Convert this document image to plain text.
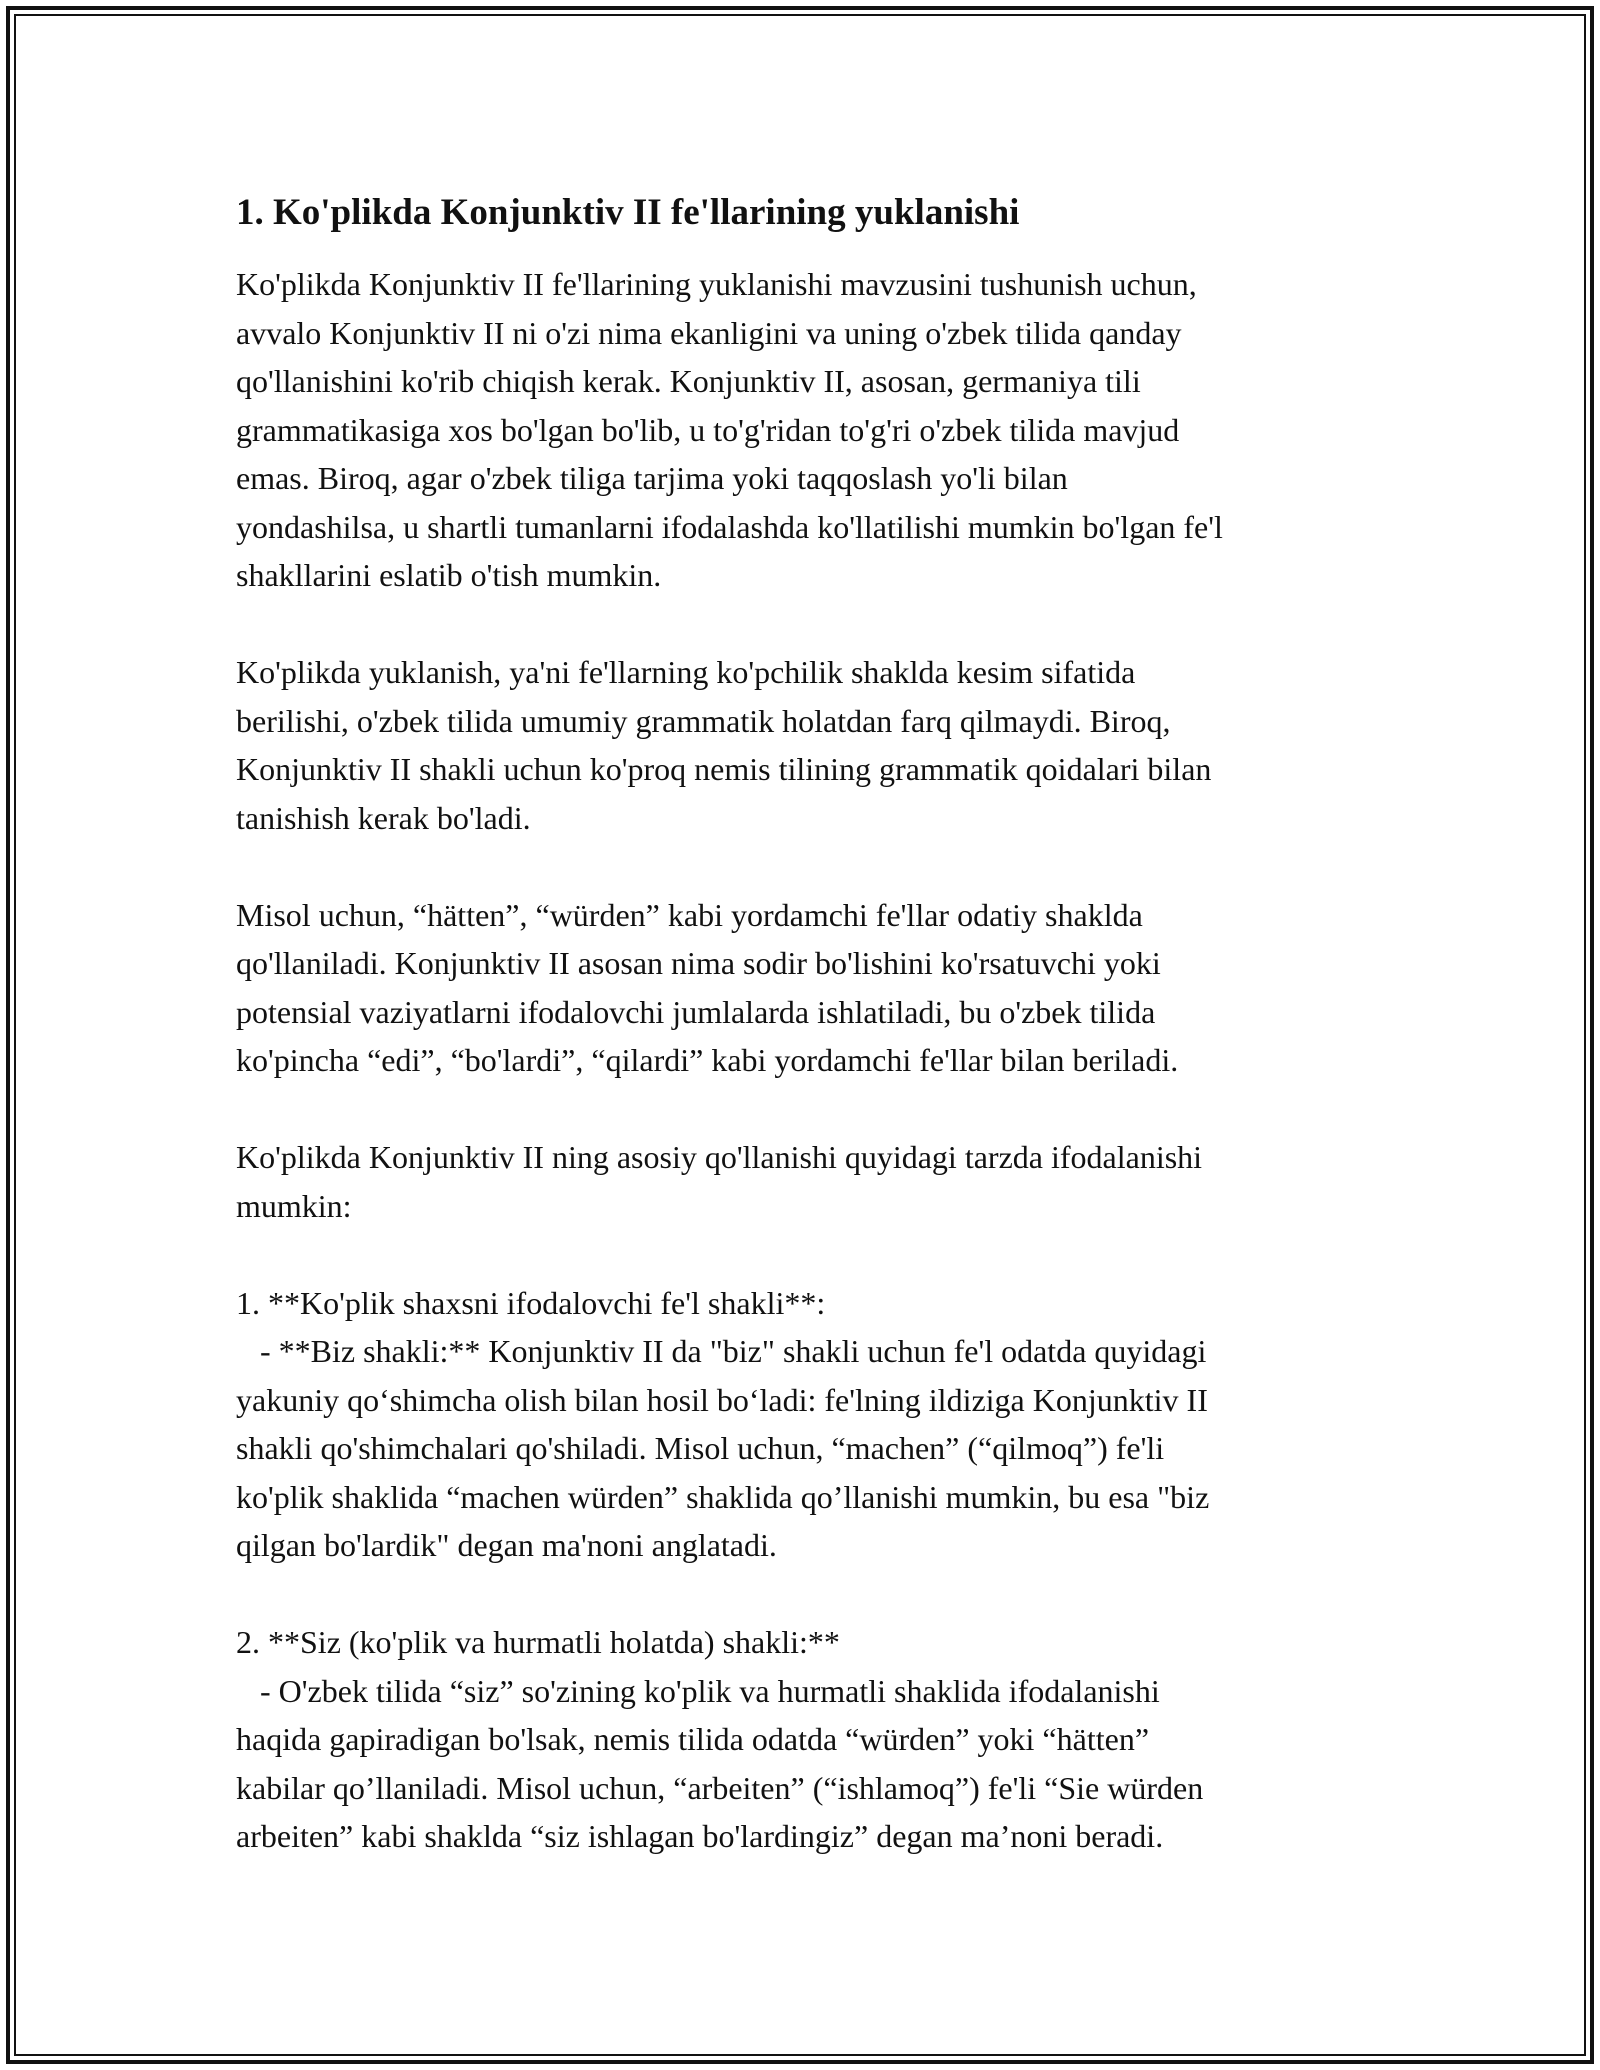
1. Ko'plikda Konjunktiv II fe'llarining yuklanishi

Ko'plikda Konjunktiv II fe'llarining yuklanishi mavzusini tushunish uchun,
avvalo Konjunktiv II ni o'zi nima ekanligini va uning o'zbek tilida qanday
qo'llanishini ko'rib chiqish kerak. Konjunktiv II, asosan, germaniya tili
grammatikasiga xos bo'lgan bo'lib, u to'g'ridan to'g'ri o'zbek tilida mavjud
emas. Biroq, agar o'zbek tiliga tarjima yoki taqqoslash yo'li bilan
yondashilsa, u shartli tumanlarni ifodalashda ko'llatilishi mumkin bo'lgan fe'l
shakllarini eslatib o'tish mumkin.

Ko'plikda yuklanish, ya'ni fe'llarning ko'pchilik shaklda kesim sifatida
berilishi, o'zbek tilida umumiy grammatik holatdan farq qilmaydi. Biroq,
Konjunktiv II shakli uchun ko'proq nemis tilining grammatik qoidalari bilan
tanishish kerak bo'ladi.

Misol uchun, “hätten”, “würden” kabi yordamchi fe'llar odatiy shaklda
qo'llaniladi. Konjunktiv II asosan nima sodir bo'lishini ko'rsatuvchi yoki
potensial vaziyatlarni ifodalovchi jumlalarda ishlatiladi, bu o'zbek tilida
ko'pincha “edi”, “bo'lardi”, “qilardi” kabi yordamchi fe'llar bilan beriladi.

Ko'plikda Konjunktiv II ning asosiy qo'llanishi quyidagi tarzda ifodalanishi
mumkin:

1. **Ko'plik shaxsni ifodalovchi fe'l shakli**:
- **Biz shakli:** Konjunktiv II da "biz" shakli uchun fe'l odatda quyidagi
yakuniy qo‘shimcha olish bilan hosil bo‘ladi: fe'lning ildiziga Konjunktiv II
shakli qo'shimchalari qo'shiladi. Misol uchun, “machen” (“qilmoq”) fe'li
ko'plik shaklida “machen würden” shaklida qo’llanishi mumkin, bu esa "biz
qilgan bo'lardik" degan ma'noni anglatadi.

2. **Siz (ko'plik va hurmatli holatda) shakli:**
- O'zbek tilida “siz” so'zining ko'plik va hurmatli shaklida ifodalanishi
haqida gapiradigan bo'lsak, nemis tilida odatda “würden” yoki “hätten”
kabilar qo’llaniladi. Misol uchun, “arbeiten” (“ishlamoq”) fe'li “Sie würden
arbeiten” kabi shaklda “siz ishlagan bo'lardingiz” degan ma’noni beradi.
